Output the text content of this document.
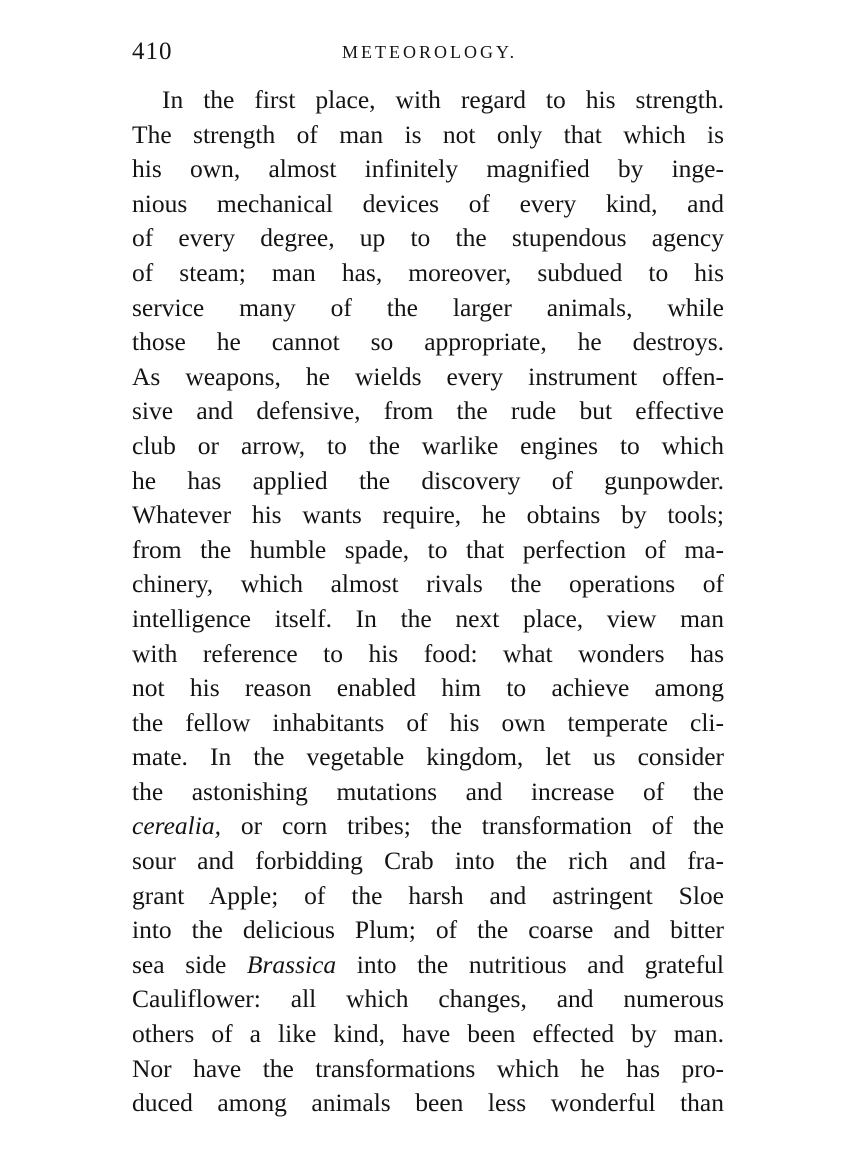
410	METEOROLOGY.
In the first place, with regard to his strength.
The strength of man is not only that which is
his own, almost infinitely magnified by inge-
nious mechanical devices of every kind, and
of every degree, up to the stupendous agency
of steam; man has, moreover, subdued to his
service many of the larger animals, while
those he cannot so appropriate, he destroys.
As weapons, he wields every instrument offen-
sive and defensive, from the rude but effective
club or arrow, to the warlike engines to which
he has applied the discovery of gunpowder.
Whatever his wants require, he obtains by tools;
from the humble spade, to that perfection of ma-
chinery, which almost rivals the operations of
intelligence itself. In the next place, view man
with reference to his food: what wonders has
not his reason enabled him to achieve among
the fellow inhabitants of his own temperate cli-
mate. In the vegetable kingdom, let us consider
the astonishing mutations and increase of the
cerealia, or corn tribes; the transformation of the
sour and forbidding Crab into the rich and fra-
grant Apple; of the harsh and astringent Sloe
into the delicious Plum; of the coarse and bitter
sea side Brassica into the nutritious and grateful
Cauliflower: all which changes, and numerous
others of a like kind, have been effected by man.
Nor have the transformations which he has pro-
duced among animals been less wonderful than
